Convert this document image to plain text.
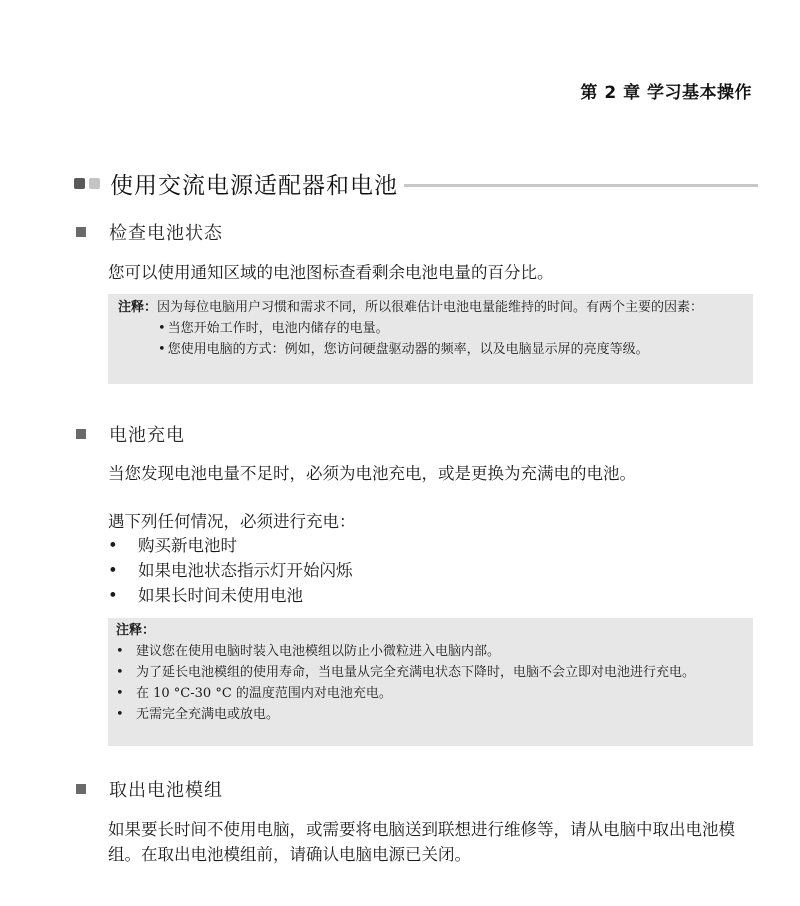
第 2 章 学习基本操作
使用交流电源适配器和电池
检查电池状态
您可以使用通知区域的电池图标查看剩余电池电量的百分比。
注释： 因为每位电脑用户习惯和需求不同，所以很难估计电池电量能维持的时间。有两个主要的因素：
• 当您开始工作时，电池内储存的电量。
• 您使用电脑的方式：例如，您访问硬盘驱动器的频率，以及电脑显示屏的亮度等级。
电池充电
当您发现电池电量不足时，必须为电池充电，或是更换为充满电的电池。
遇下列任何情况，必须进行充电：
•	购买新电池时
•	如果电池状态指示灯开始闪烁
•	如果长时间未使用电池
注释：
• 建议您在使用电脑时装入电池模组以防止小微粒进入电脑内部。
• 为了延长电池模组的使用寿命，当电量从完全充满电状态下降时，电脑不会立即对电池进行充电。
• 在 10 °C-30 °C 的温度范围内对电池充电。
• 无需完全充满电或放电。
取出电池模组
如果要长时间不使用电脑，或需要将电脑送到联想进行维修等，请从电脑中取出电池模组。在取出电池模组前，请确认电脑电源已关闭。
